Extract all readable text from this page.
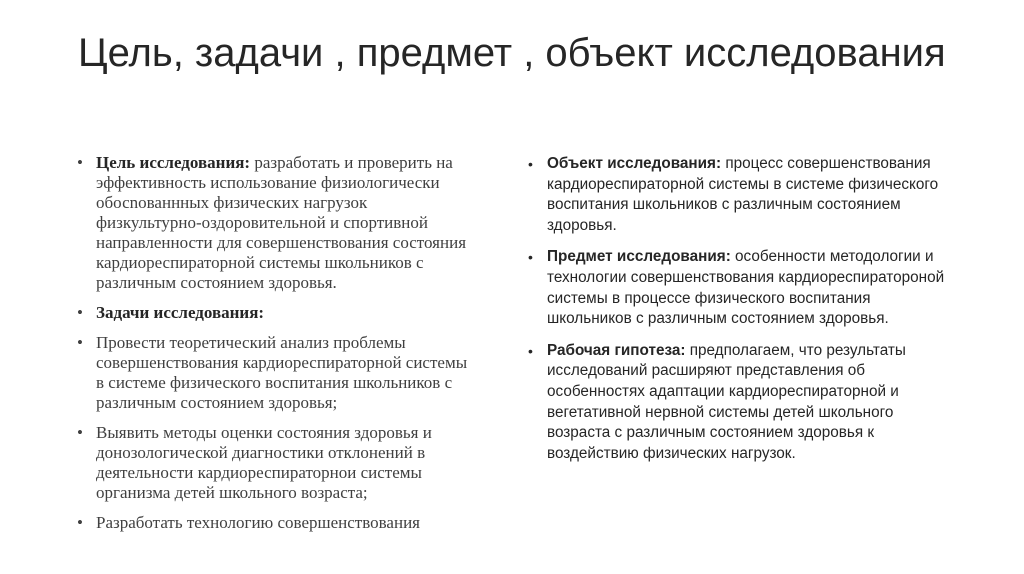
Цель, задачи , предмет , объект исследования
• Цель исследования: разработать и проверить на эффективность использование физиологически обосnованнных физических нагрузок физкультурно-оздоровительной и спортивной направленности для совершенствования состояния кардиореспираторной системы школьников с различным состоянием здоровья.
• Задачи исследования:
• Провести теоретический анализ проблемы совершенствования кардиореспираторной системы в системе физического воспитания школьников с различным состоянием здоровья;
• Выявить методы оценки состояния здоровья и донозологической диагностики отклонений в деятельности кардиореспираторнои системы организма детей школьного возраста;
• Разработать технологию совершенствования
• Объект исследования: процесс совершенствования кардиореспираторной системы в системе физического воспитания школьников с различным состоянием здоровья.
• Предмет исследования: особенности методологии и технологии совершенствования кардиореспиратороной системы в процессе физического воспитания школьников с различным состоянием здоровья.
• Рабочая гипотеза: предполагаем, что результаты исследований расширяют представления об особенностях адаптации кардиореспираторной и вегетативной нервной системы детей школьного возраста с различным состоянием здоровья к воздействию физических нагрузок.
